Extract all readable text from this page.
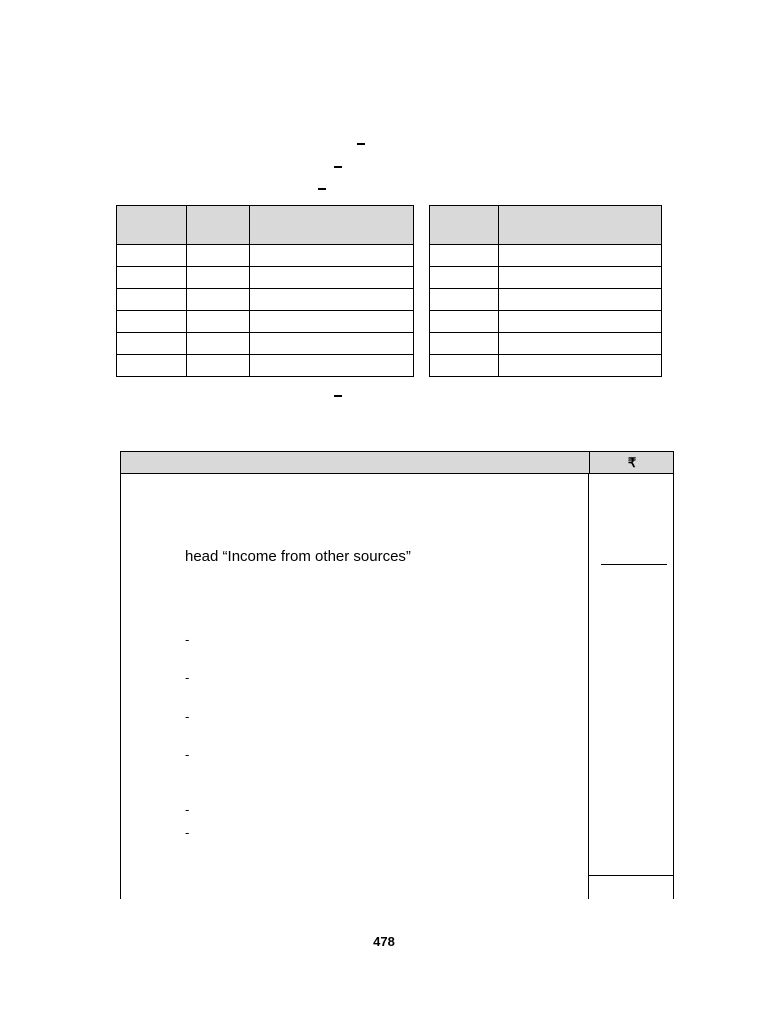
₹
head “Income from other sources”
-
-
-
-
-
-
478
